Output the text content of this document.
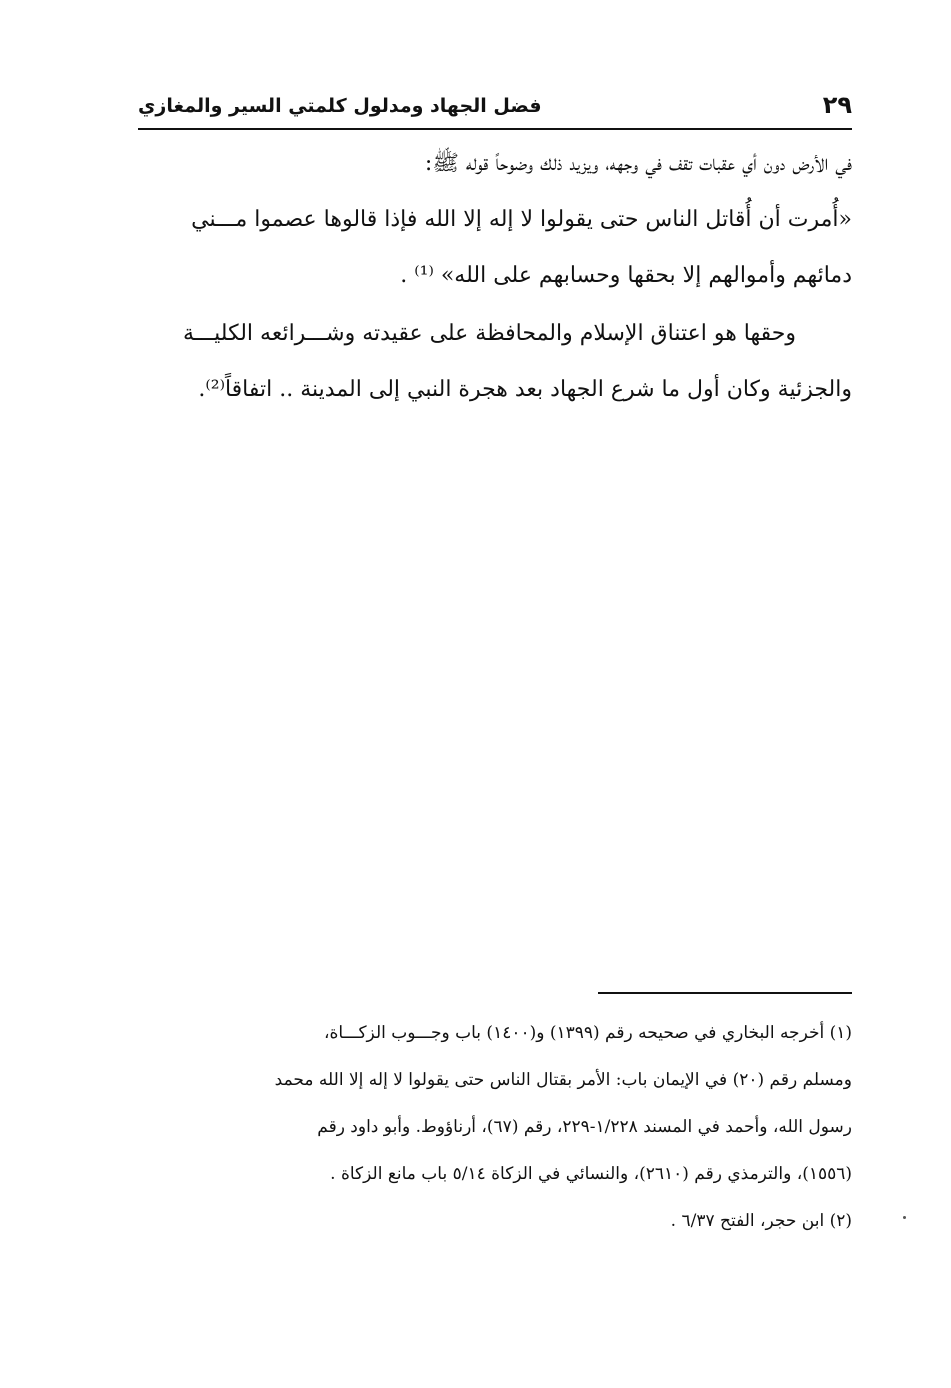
٢٩
فضل الجهاد ومدلول كلمتي السير والمغازي

في الأرض دون أي عقبات تقف في وجهه، ويزيد ذلك وضوحاً قوله ﷺ:
«أُمرت أن أُقاتل الناس حتى يقولوا لا إله إلا الله فإذا قالوها عصموا مـــني
دمائهم وأموالهم إلا بحقها وحسابهم على الله» ⁽¹⁾ .

وحقها هو اعتناق الإسلام والمحافظة على عقيدته وشـــرائعه الكليـــة
والجزئية وكان أول ما شرع الجهاد بعد هجرة النبي إلى المدينة .. اتفاقاً⁽²⁾.

(١) أخرجه البخاري في صحيحه رقم (١٣٩٩) و(١٤٠٠) باب وجـــوب الزكـــاة،
ومسلم رقم (٢٠) في الإيمان باب: الأمر بقتال الناس حتى يقولوا لا إله إلا الله محمد
رسول الله، وأحمد في المسند ١/٢٢٨-٢٢٩، رقم (٦٧)، أرناؤوط. وأبو داود رقم
(١٥٥٦)، والترمذي رقم (٢٦١٠)، والنسائي في الزكاة ٥/١٤ باب مانع الزكاة .
(٢) ابن حجر، الفتح ٦/٣٧ .
